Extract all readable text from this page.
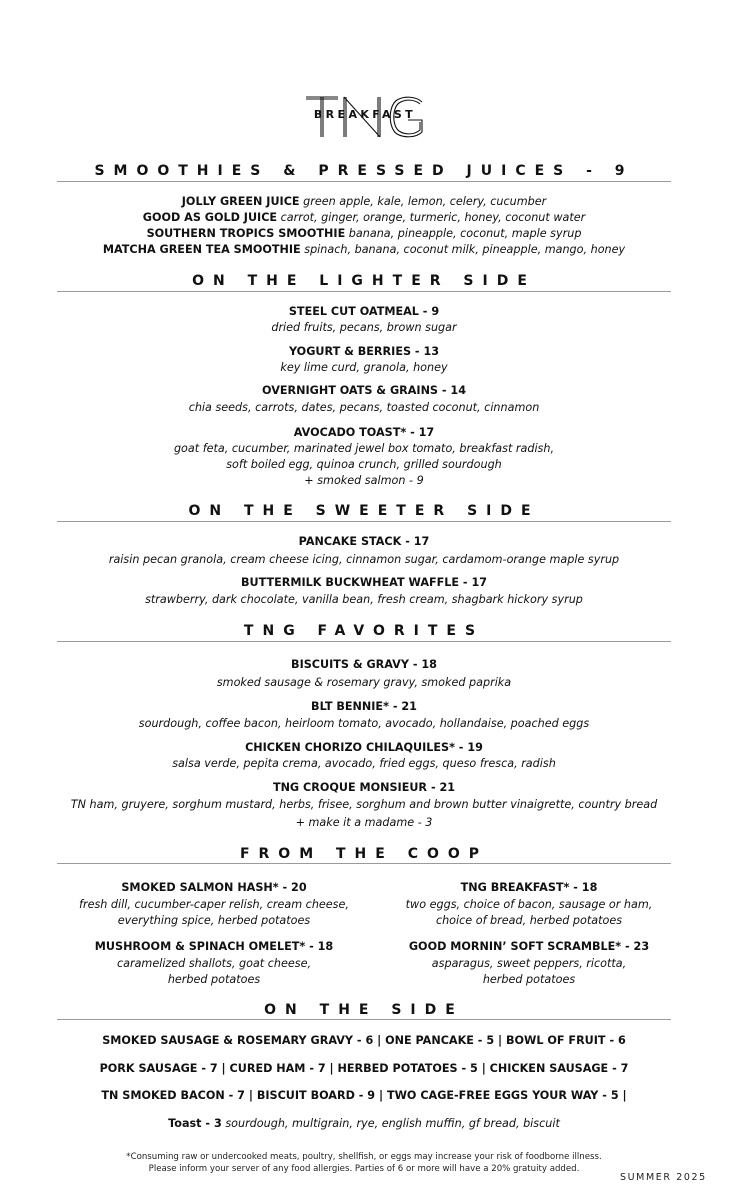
BREAKFAST
SMOOTHIES & PRESSED JUICES - 9
JOLLY GREEN JUICE green apple, kale, lemon, celery, cucumber
GOOD AS GOLD JUICE carrot, ginger, orange, turmeric, honey, coconut water
SOUTHERN TROPICS SMOOTHIE banana, pineapple, coconut, maple syrup
MATCHA GREEN TEA SMOOTHIE spinach, banana, coconut milk, pineapple, mango, honey
ON THE LIGHTER SIDE
STEEL CUT OATMEAL - 9
dried fruits, pecans, brown sugar
YOGURT & BERRIES - 13
key lime curd, granola, honey
OVERNIGHT OATS & GRAINS - 14
chia seeds, carrots, dates, pecans, toasted coconut, cinnamon
AVOCADO TOAST* - 17
goat feta, cucumber, marinated jewel box tomato, breakfast radish,
soft boiled egg, quinoa crunch, grilled sourdough
+ smoked salmon - 9
ON THE SWEETER SIDE
PANCAKE STACK - 17
raisin pecan granola, cream cheese icing, cinnamon sugar, cardamom-orange maple syrup
BUTTERMILK BUCKWHEAT WAFFLE - 17
strawberry, dark chocolate, vanilla bean, fresh cream, shagbark hickory syrup
TNG FAVORITES
BISCUITS & GRAVY - 18
smoked sausage & rosemary gravy, smoked paprika
BLT BENNIE* - 21
sourdough, coffee bacon, heirloom tomato, avocado, hollandaise, poached eggs
CHICKEN CHORIZO CHILAQUILES* - 19
salsa verde, pepita crema, avocado, fried eggs, queso fresca, radish
TNG CROQUE MONSIEUR - 21
TN ham, gruyere, sorghum mustard, herbs, frisee, sorghum and brown butter vinaigrette, country bread
+ make it a madame - 3
FROM THE COOP
SMOKED SALMON HASH* - 20
fresh dill, cucumber-caper relish, cream cheese,
everything spice, herbed potatoes
TNG BREAKFAST* - 18
two eggs, choice of bacon, sausage or ham,
choice of bread, herbed potatoes
MUSHROOM & SPINACH OMELET* - 18
caramelized shallots, goat cheese,
herbed potatoes
GOOD MORNIN’ SOFT SCRAMBLE* - 23
asparagus, sweet peppers, ricotta,
herbed potatoes
ON THE SIDE
SMOKED SAUSAGE & ROSEMARY GRAVY - 6 | ONE PANCAKE - 5 | BOWL OF FRUIT - 6
PORK SAUSAGE - 7 | CURED HAM - 7 | HERBED POTATOES - 5 | CHICKEN SAUSAGE - 7
TN SMOKED BACON - 7 | BISCUIT BOARD - 9 | TWO CAGE-FREE EGGS YOUR WAY - 5 |
Toast - 3 sourdough, multigrain, rye, english muffin, gf bread, biscuit
*Consuming raw or undercooked meats, poultry, shellfish, or eggs may increase your risk of foodborne illness.
Please inform your server of any food allergies. Parties of 6 or more will have a 20% gratuity added.
SUMMER 2025
